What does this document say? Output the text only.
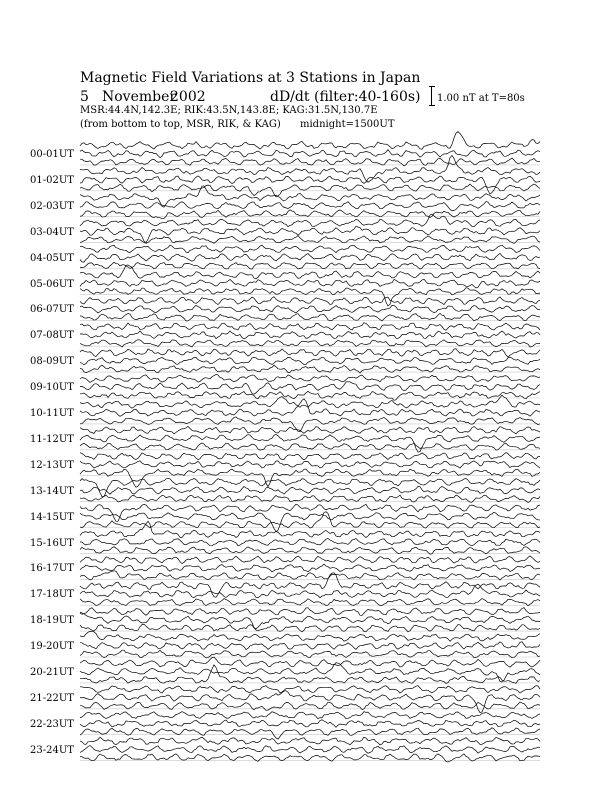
Magnetic Field Variations at 3 Stations in Japan
5 November
2002	dD/dt (filter:40-160s)
MSR:44.4N,142.3E; RIK:43.5N,143.8E; KAG:31.5N,130.7E
(from bottom to top, MSR, RIK, & KAG) midnight=1500UT
1.00 nT at T=80s
00-01UT
01-02UT
02-03UT
03-04UT
04-05UT
05-06UT
06-07UT
07-08UT
08-09UT
09-10UT
10-11UT
11-12UT
12-13UT
13-14UT
14-15UT
15-16UT
16-17UT
17-18UT
18-19UT
19-20UT
20-21UT
21-22UT
22-23UT
23-24UT
